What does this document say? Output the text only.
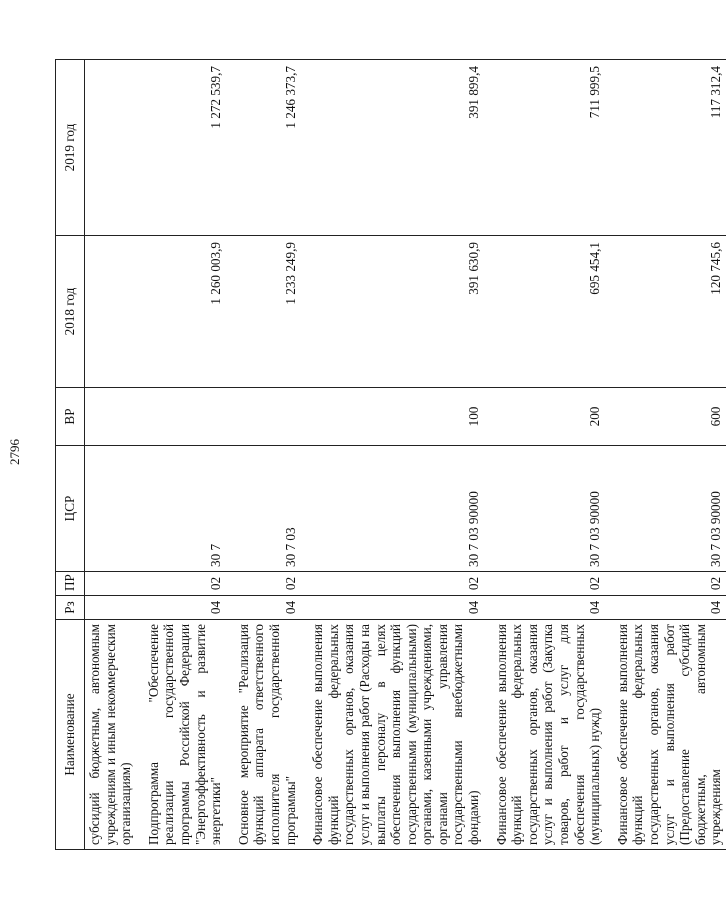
2796
Наименование	Рз	ПР	ЦСР	ВР	2018 год	2019 год
субсидий бюджетным, автономным учреждениям и иным некоммерческим организациям)						
Подпрограмма "Обеспечение реализации государственной программы Российской Федерации "Энергоэффективность и развитие энергетики"	04	02	30 7		1 260 003,9	1 272 539,7
Основное мероприятие "Реализация функций аппарата ответственного исполнителя государственной программы"	04	02	30 7 03		1 233 249,9	1 246 373,7
Финансовое обеспечение выполнения функций федеральных государственных органов, оказания услуг и выполнения работ (Расходы на выплаты персоналу в целях обеспечения выполнения функций государственными (муниципальными) органами, казенными учреждениями, органами управления государственными внебюджетными фондами)	04	02	30 7 03 90000	100	391 630,9	391 899,4
Финансовое обеспечение выполнения функций федеральных государственных органов, оказания услуг и выполнения работ (Закупка товаров, работ и услуг для обеспечения государственных (муниципальных) нужд)	04	02	30 7 03 90000	200	695 454,1	711 999,5
Финансовое обеспечение выполнения функций федеральных государственных органов, оказания услуг и выполнения работ (Предоставление субсидий бюджетным, автономным учреждениям	04	02	30 7 03 90000	600	120 745,6	117 312,4
